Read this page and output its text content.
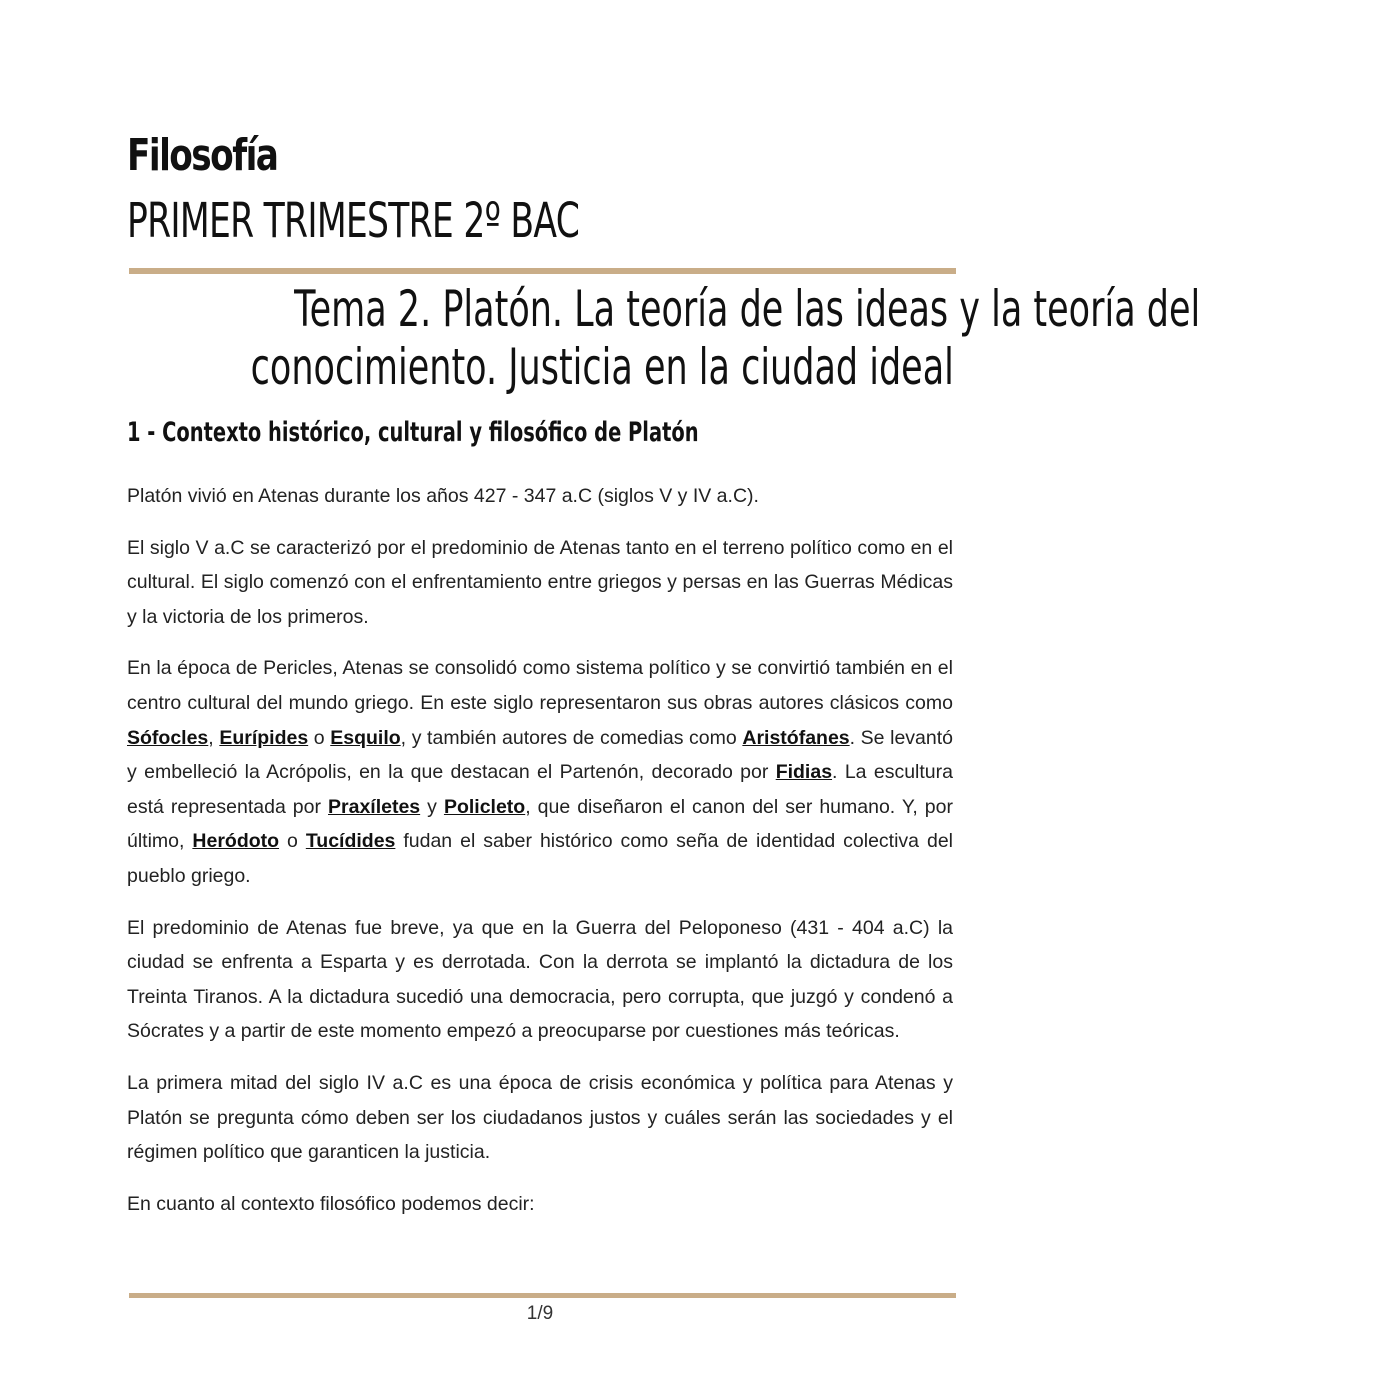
Filosofía
PRIMER TRIMESTRE 2º BAC
Tema 2. Platón. La teoría de las ideas y la teoría del
conocimiento. Justicia en la ciudad ideal
1 - Contexto histórico, cultural y filosófico de Platón

Platón vivió en Atenas durante los años 427 - 347 a.C (siglos V y IV a.C).

El siglo V a.C se caracterizó por el predominio de Atenas tanto en el terreno político como en el cultural. El siglo comenzó con el enfrentamiento entre griegos y persas en las Guerras Médicas y la victoria de los primeros.

En la época de Pericles, Atenas se consolidó como sistema político y se convirtió también en el centro cultural del mundo griego. En este siglo representaron sus obras autores clásicos como Sófocles, Eurípides o Esquilo, y también autores de comedias como Aristófanes. Se levantó y embelleció la Acrópolis, en la que destacan el Partenón, decorado por Fidias. La escultura está representada por Praxíletes y Policleto, que diseñaron el canon del ser humano. Y, por último, Heródoto o Tucídides fudan el saber histórico como seña de identidad colectiva del pueblo griego.

El predominio de Atenas fue breve, ya que en la Guerra del Peloponeso (431 - 404 a.C) la ciudad se enfrenta a Esparta y es derrotada. Con la derrota se implantó la dictadura de los Treinta Tiranos. A la dictadura sucedió una democracia, pero corrupta, que juzgó y condenó a Sócrates y a partir de este momento empezó a preocuparse por cuestiones más teóricas.

La primera mitad del siglo IV a.C es una época de crisis económica y política para Atenas y Platón se pregunta cómo deben ser los ciudadanos justos y cuáles serán las sociedades y el régimen político que garanticen la justicia.

En cuanto al contexto filosófico podemos decir:

1/9
